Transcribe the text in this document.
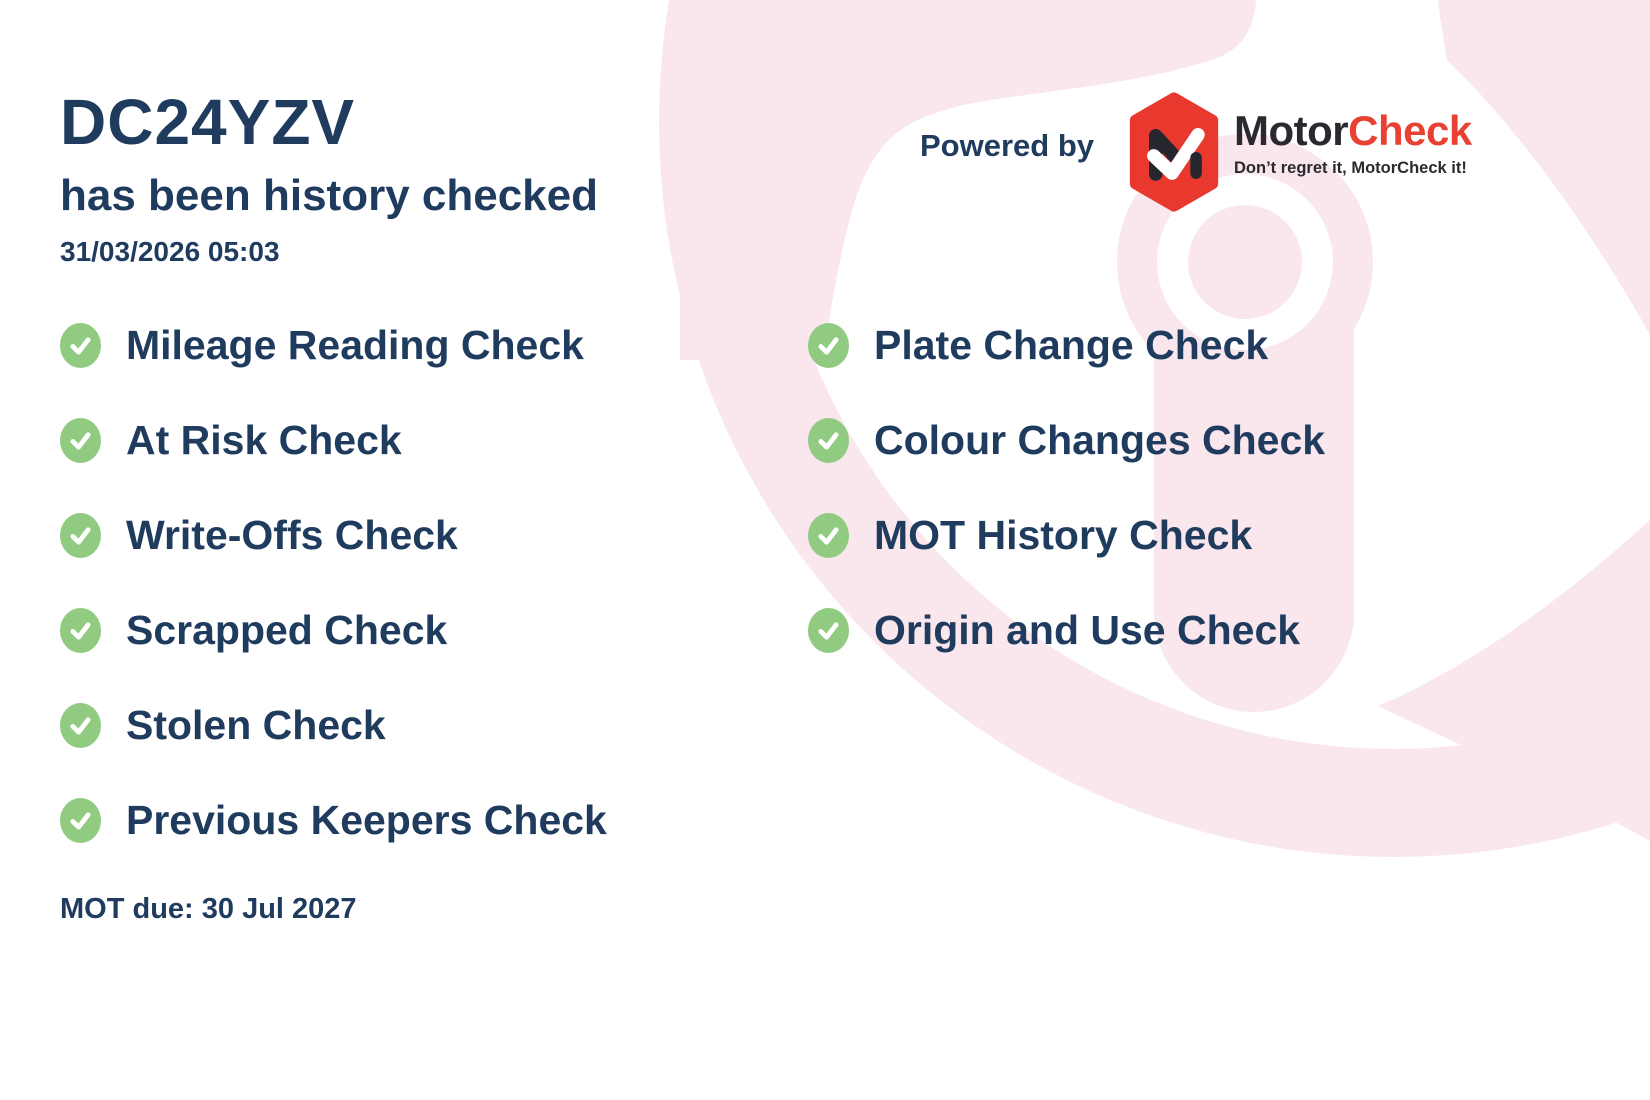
DC24YZV
has been history checked
31/03/2026 05:03
Powered by	MotorCheck
Don’t regret it, MotorCheck it!
Mileage Reading Check
At Risk Check
Write-Offs Check
Scrapped Check
Stolen Check
Previous Keepers Check
Plate Change Check
Colour Changes Check
MOT History Check
Origin and Use Check
MOT due: 30 Jul 2027
